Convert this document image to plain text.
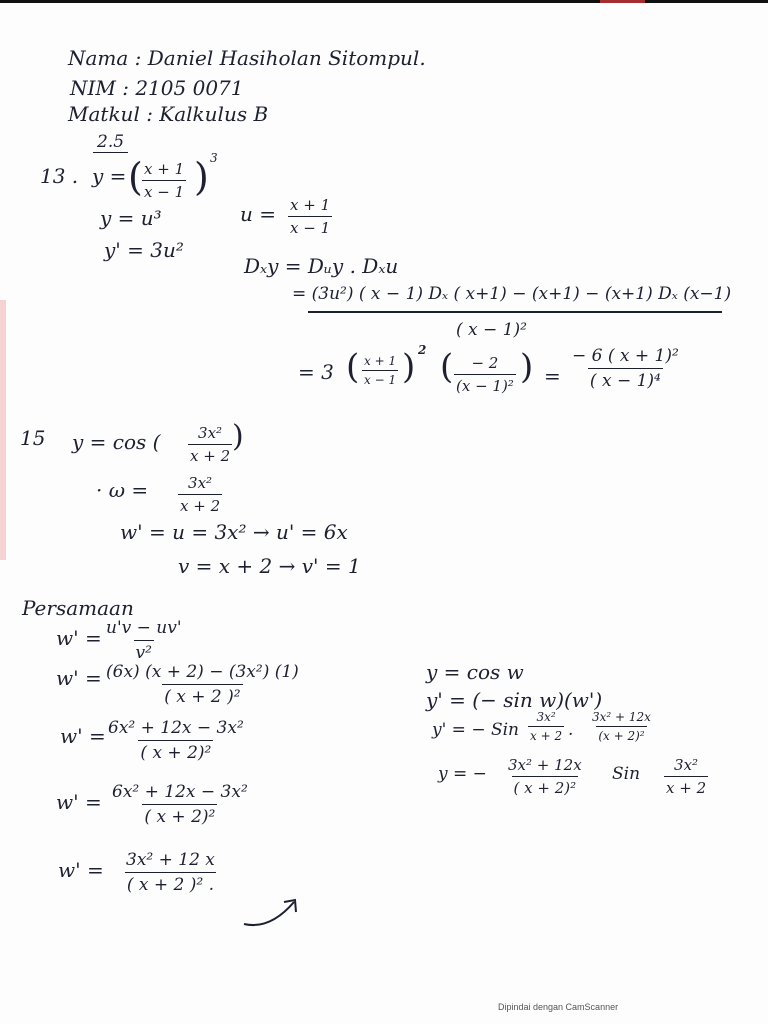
Nama : Daniel Hasiholan Sitompul.
NIM : 2105 0071
Matkul : Kalkulus B
2.5
13 . y = ( $\frac{x + 1}{x - 1}$ ) 3
y = u³
y' = 3u²
$u = \frac{x + 1}{x - 1}$
Dₓy = Dᵤy . Dₓu
= (3u²) ( x − 1) Dₓ ( x+1) − (x+1) − (x+1) Dₓ (x−1)
( x − 1)²
= 3 ( $\frac{x + 1}{x - 1}$ ) 2 ( $\frac{- 2}{\text{(x − 1)²}}$ ) = $\frac{\text{− 6 ( x + 1)²}}{\text{( x − 1)⁴}}$
15 y = cos ( $\frac{\text{3x²}}{x + 2}$ )
· $\omega = \frac{\text{3x²}}{x + 2}$
w' = u = 3x² → u' = 6x
v = x + 2 → v' = 1
Persamaan
$w' = \frac{u'v - uv'}{\text{v²}}$
$w' = \frac{\text{(6x) (x + 2) − (3x²) (1)}}{\text{( x + 2 )²}}$
$w' = \frac{\text{6x² + 12x − 3x²}}{\text{( x + 2)²}}$
$w' = \frac{\text{6x² + 12x − 3x²}}{\text{( x + 2)²}}$
$w' = \frac{\text{3x² + 12 x}}{\text{( x + 2 )² .}}$
y = cos w
y' = (− sin w)(w')
y' = − Sin $\frac{\text{3x²}}{x + 2}$ . $\frac{\text{3x² + 12x}}{\text{(x + 2)²}}$
y = − $\frac{\text{3x² + 12x}}{\text{( x + 2)²}}$ Sin $\frac{\text{3x²}}{x + 2}$
Dipindai dengan CamScanner
